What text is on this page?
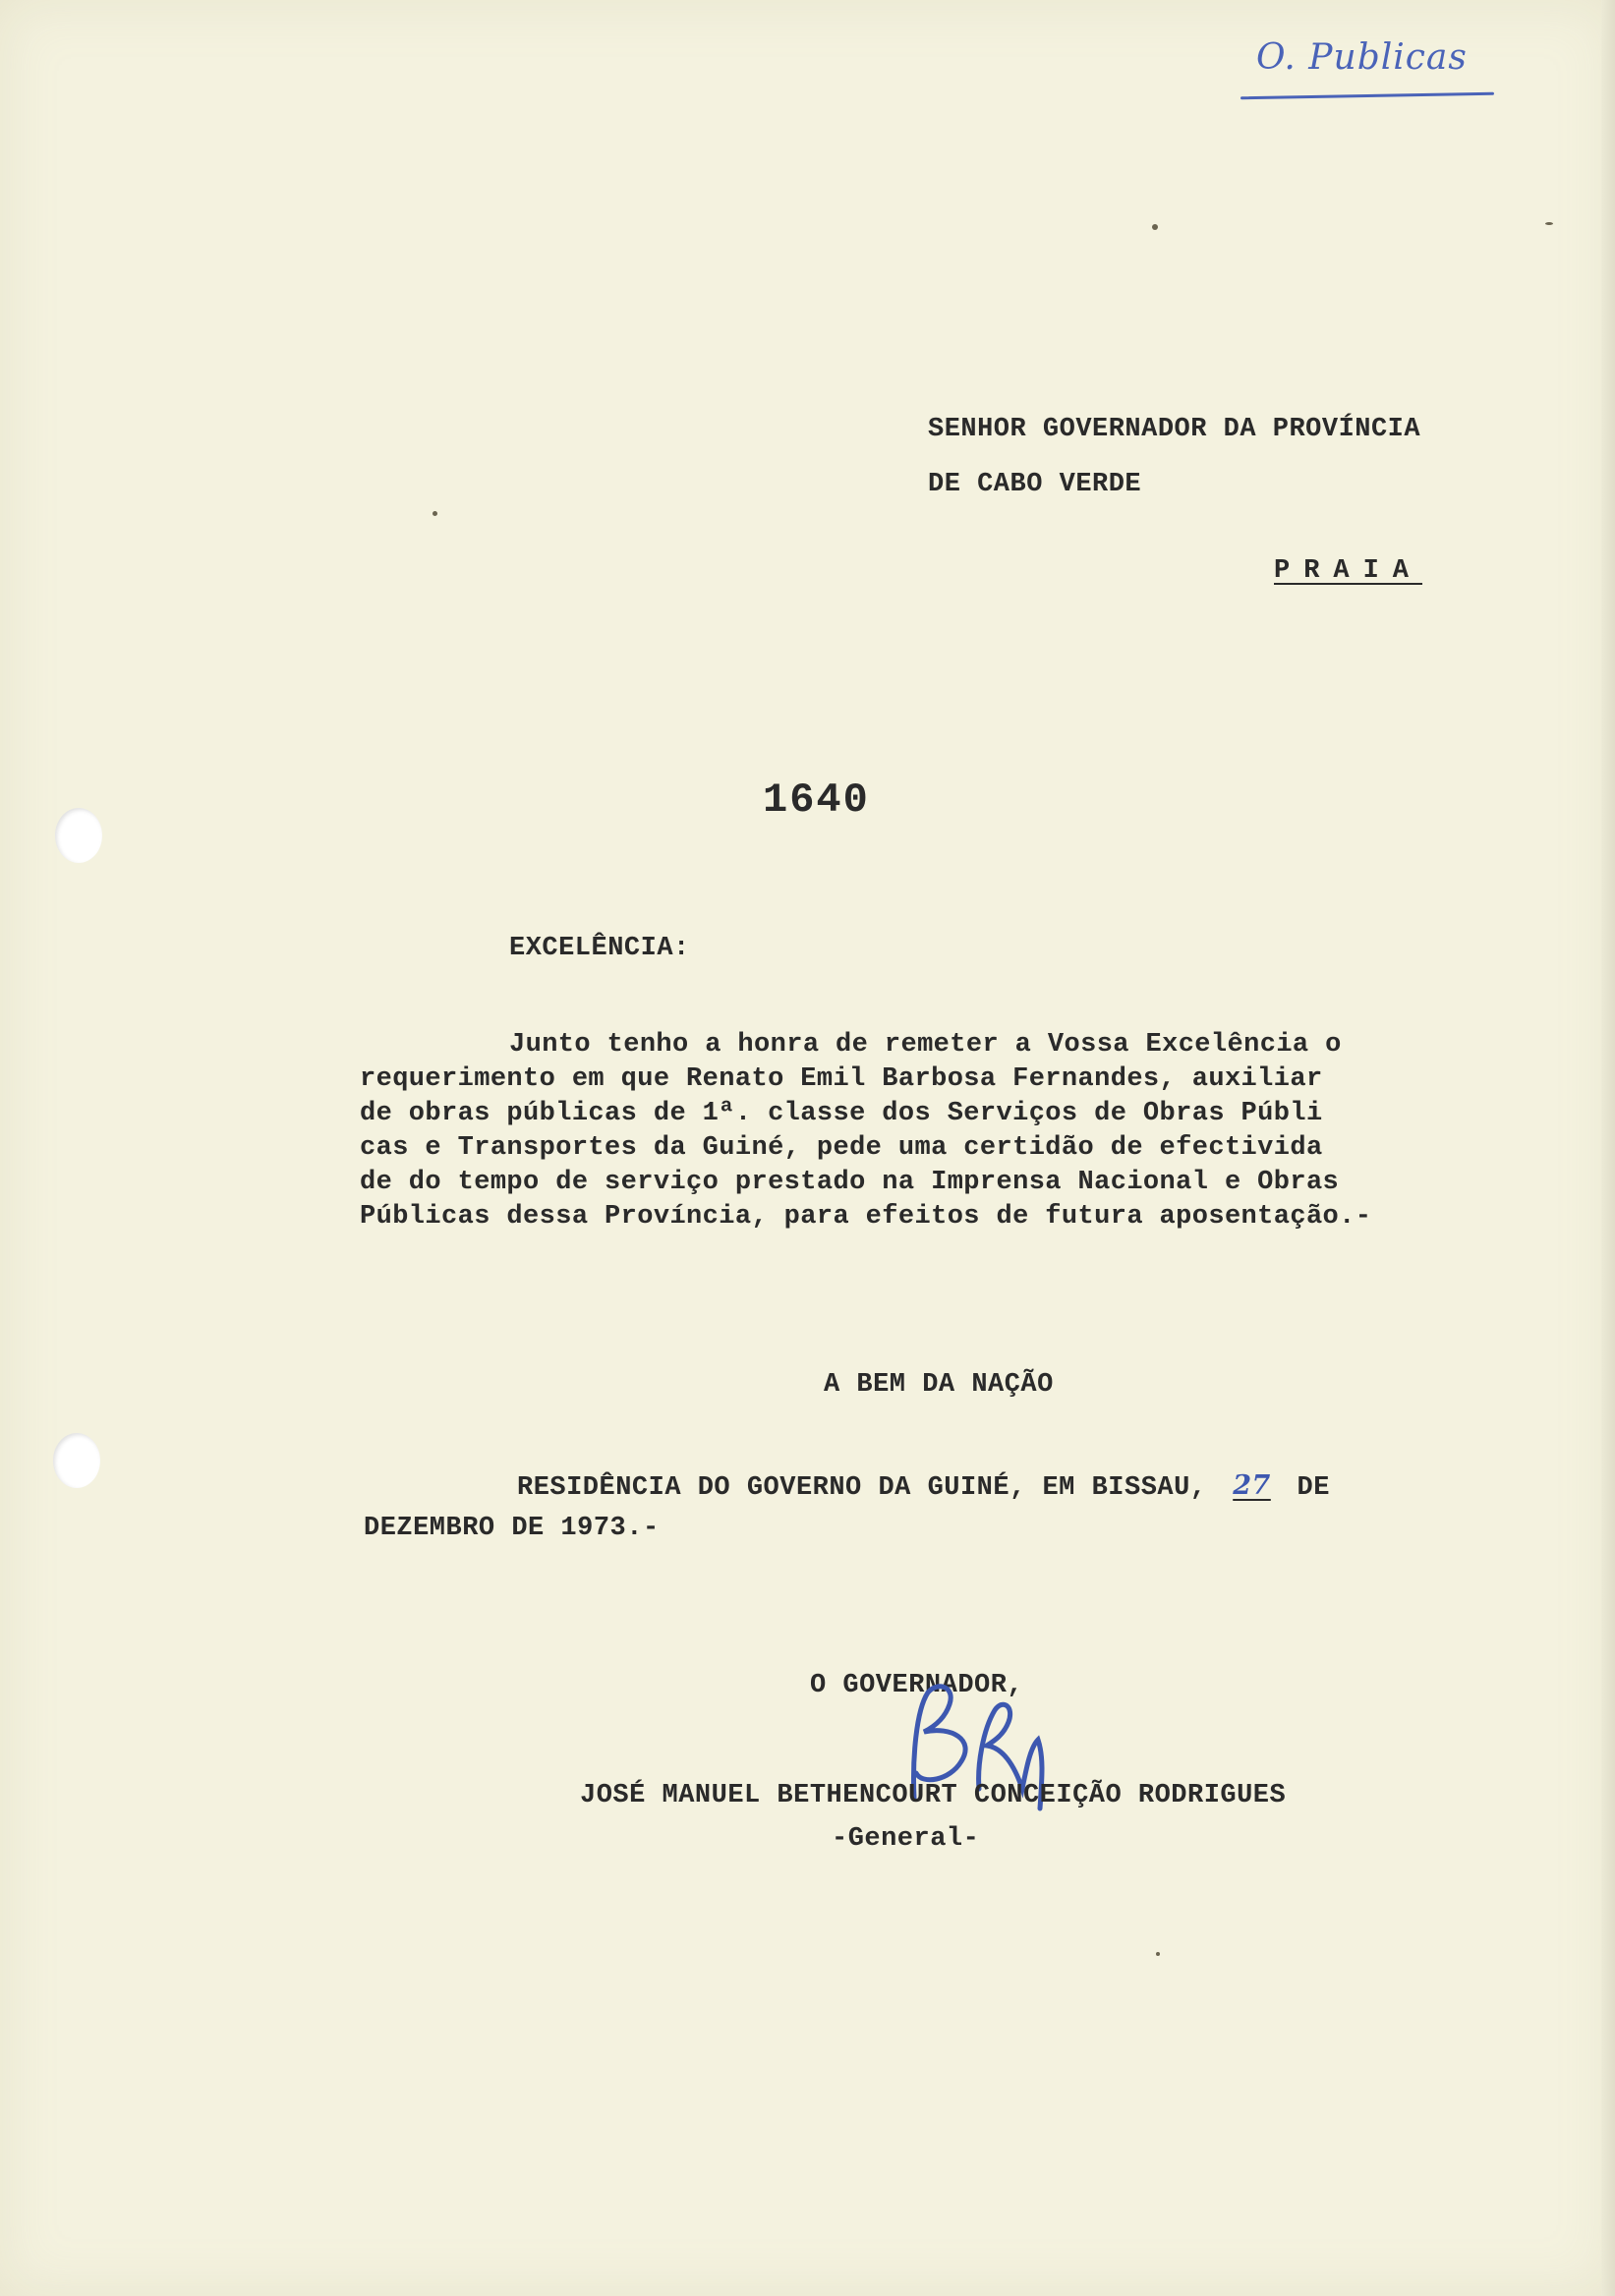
O. Publicas
SENHOR GOVERNADOR DA PROVÍNCIA
DE CABO VERDE
PRAIA
1640
EXCELÊNCIA:
Junto tenho a honra de remeter a Vossa Excelência o
requerimento em que Renato Emil Barbosa Fernandes, auxiliar
de obras públicas de 1ª. classe dos Serviços de Obras Públi
cas e Transportes da Guiné, pede uma certidão de efectivida
de do tempo de serviço prestado na Imprensa Nacional e Obras
Públicas dessa Província, para efeitos de futura aposentação.-
A BEM DA NAÇÃO
RESIDÊNCIA DO GOVERNO DA GUINÉ, EM BISSAU, 27 DE
DEZEMBRO DE 1973.-
O GOVERNADOR,
JOSÉ MANUEL BETHENCOURT CONCEIÇÃO RODRIGUES
-General-
